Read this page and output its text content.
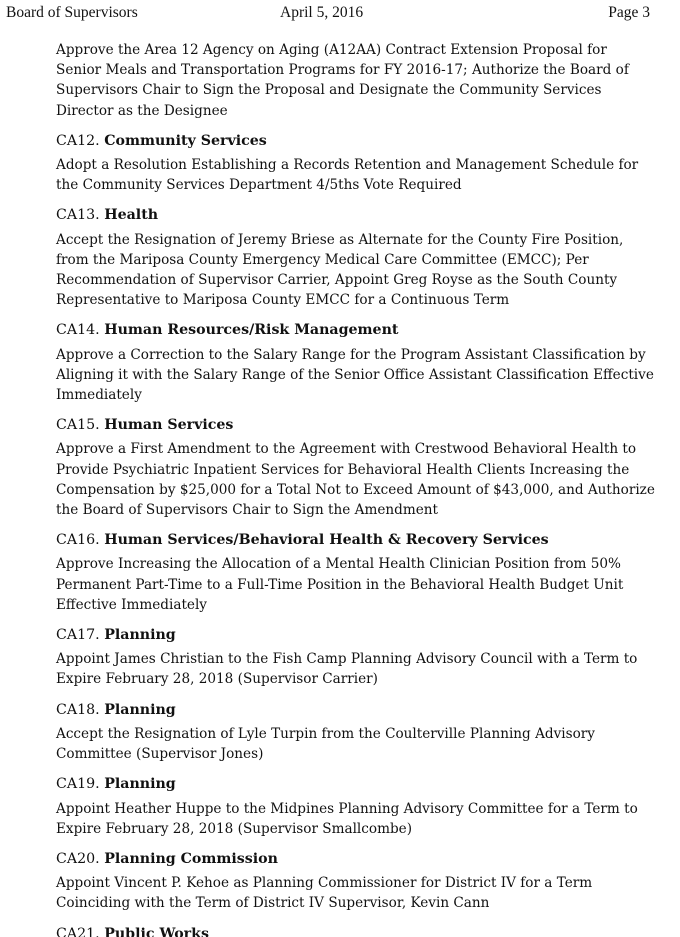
Board of Supervisors	April 5, 2016	Page 3

Approve the Area 12 Agency on Aging (A12AA) Contract Extension Proposal for Senior Meals and Transportation Programs for FY 2016-17; Authorize the Board of Supervisors Chair to Sign the Proposal and Designate the Community Services Director as the Designee

CA12. Community Services

Adopt a Resolution Establishing a Records Retention and Management Schedule for the Community Services Department 4/5ths Vote Required

CA13. Health

Accept the Resignation of Jeremy Briese as Alternate for the County Fire Position, from the Mariposa County Emergency Medical Care Committee (EMCC); Per Recommendation of Supervisor Carrier, Appoint Greg Royse as the South County Representative to Mariposa County EMCC for a Continuous Term

CA14. Human Resources/Risk Management

Approve a Correction to the Salary Range for the Program Assistant Classification by Aligning it with the Salary Range of the Senior Office Assistant Classification Effective Immediately

CA15. Human Services

Approve a First Amendment to the Agreement with Crestwood Behavioral Health to Provide Psychiatric Inpatient Services for Behavioral Health Clients Increasing the Compensation by $25,000 for a Total Not to Exceed Amount of $43,000, and Authorize the Board of Supervisors Chair to Sign the Amendment

CA16. Human Services/Behavioral Health & Recovery Services

Approve Increasing the Allocation of a Mental Health Clinician Position from 50% Permanent Part-Time to a Full-Time Position in the Behavioral Health Budget Unit Effective Immediately

CA17. Planning

Appoint James Christian to the Fish Camp Planning Advisory Council with a Term to Expire February 28, 2018 (Supervisor Carrier)

CA18. Planning

Accept the Resignation of Lyle Turpin from the Coulterville Planning Advisory Committee (Supervisor Jones)

CA19. Planning

Appoint Heather Huppe to the Midpines Planning Advisory Committee for a Term to Expire February 28, 2018 (Supervisor Smallcombe)

CA20. Planning Commission

Appoint Vincent P. Kehoe as Planning Commissioner for District IV for a Term Coinciding with the Term of District IV Supervisor, Kevin Cann

CA21. Public Works
